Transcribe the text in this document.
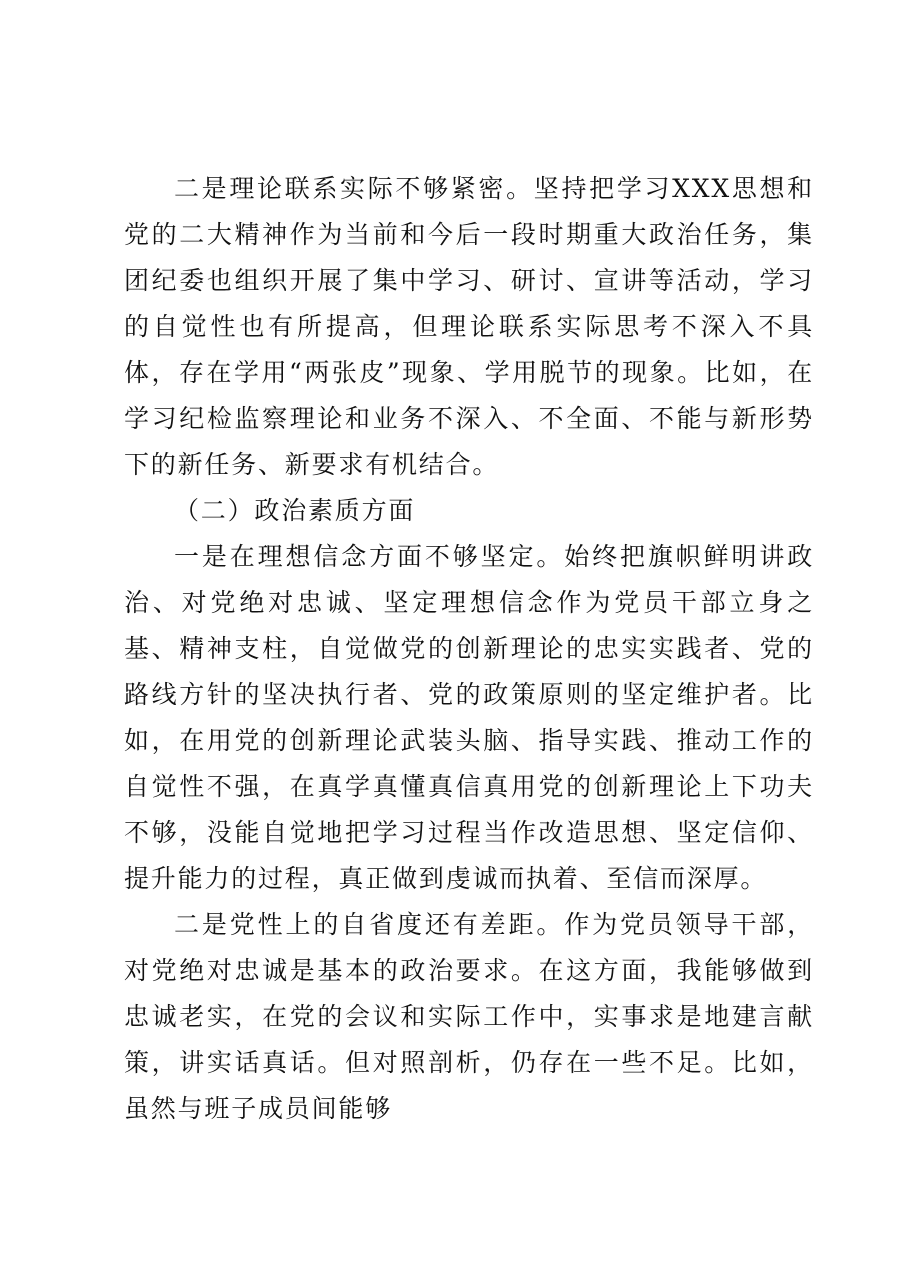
二是理论联系实际不够紧密。坚持把学习XXX思想和党的二大精神作为当前和今后一段时期重大政治任务，集团纪委也组织开展了集中学习、研讨、宣讲等活动，学习的自觉性也有所提高，但理论联系实际思考不深入不具体，存在学用“两张皮”现象、学用脱节的现象。比如，在学习纪检监察理论和业务不深入、不全面、不能与新形势下的新任务、新要求有机结合。

（二）政治素质方面

一是在理想信念方面不够坚定。始终把旗帜鲜明讲政治、对党绝对忠诚、坚定理想信念作为党员干部立身之基、精神支柱，自觉做党的创新理论的忠实实践者、党的路线方针的坚决执行者、党的政策原则的坚定维护者。比如，在用党的创新理论武装头脑、指导实践、推动工作的自觉性不强，在真学真懂真信真用党的创新理论上下功夫不够，没能自觉地把学习过程当作改造思想、坚定信仰、提升能力的过程，真正做到虔诚而执着、至信而深厚。

二是党性上的自省度还有差距。作为党员领导干部，对党绝对忠诚是基本的政治要求。在这方面，我能够做到忠诚老实，在党的会议和实际工作中，实事求是地建言献策，讲实话真话。但对照剖析，仍存在一些不足。比如，虽然与班子成员间能够
